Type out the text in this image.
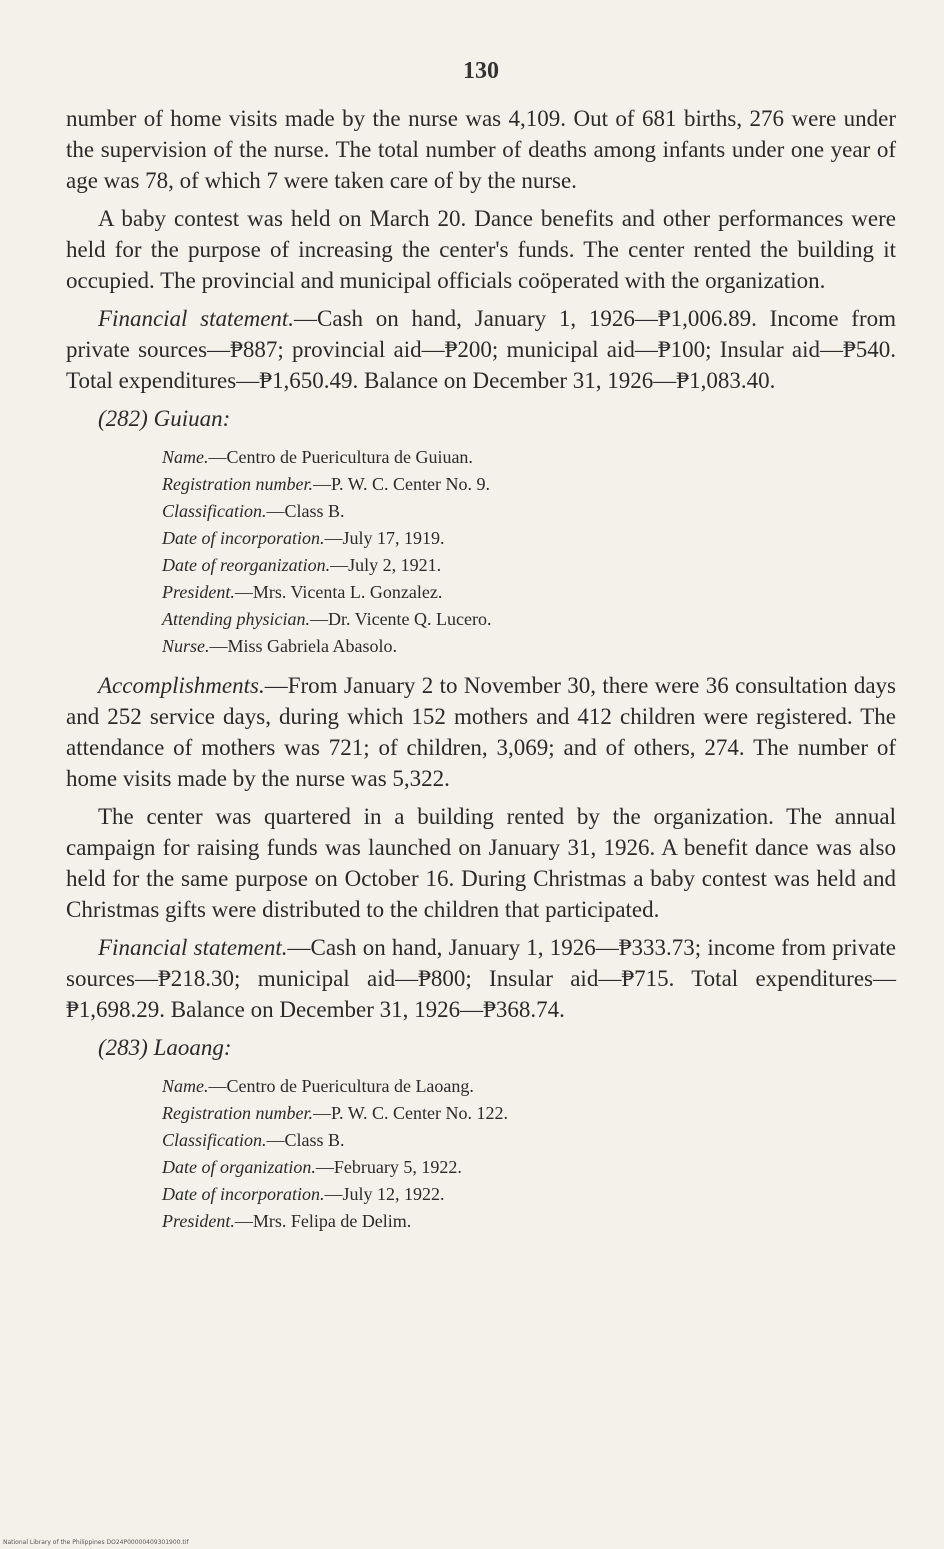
130

number of home visits made by the nurse was 4,109. Out of 681 births, 276 were under the supervision of the nurse. The total number of deaths among infants under one year of age was 78, of which 7 were taken care of by the nurse.

A baby contest was held on March 20. Dance benefits and other performances were held for the purpose of increasing the center's funds. The center rented the building it occupied. The provincial and municipal officials coöperated with the organization.

Financial statement.—Cash on hand, January 1, 1926—₱1,006.89. Income from private sources—₱887; provincial aid—₱200; municipal aid—₱100; Insular aid—₱540. Total expenditures—₱1,650.49. Balance on December 31, 1926—₱1,083.40.

(282) Guiuan:
Name.—Centro de Puericultura de Guiuan.
Registration number.—P. W. C. Center No. 9.
Classification.—Class B.
Date of incorporation.—July 17, 1919.
Date of reorganization.—July 2, 1921.
President.—Mrs. Vicenta L. Gonzalez.
Attending physician.—Dr. Vicente Q. Lucero.
Nurse.—Miss Gabriela Abasolo.

Accomplishments.—From January 2 to November 30, there were 36 consultation days and 252 service days, during which 152 mothers and 412 children were registered. The attendance of mothers was 721; of children, 3,069; and of others, 274. The number of home visits made by the nurse was 5,322.

The center was quartered in a building rented by the organization. The annual campaign for raising funds was launched on January 31, 1926. A benefit dance was also held for the same purpose on October 16. During Christmas a baby contest was held and Christmas gifts were distributed to the children that participated.

Financial statement.—Cash on hand, January 1, 1926—₱333.73; income from private sources—₱218.30; municipal aid—₱800; Insular aid—₱715. Total expenditures—₱1,698.29. Balance on December 31, 1926—₱368.74.

(283) Laoang:
Name.—Centro de Puericultura de Laoang.
Registration number.—P. W. C. Center No. 122.
Classification.—Class B.
Date of organization.—February 5, 1922.
Date of incorporation.—July 12, 1922.
President.—Mrs. Felipa de Delim.
National Library of the Philippines DO24P00000409301900.tif
